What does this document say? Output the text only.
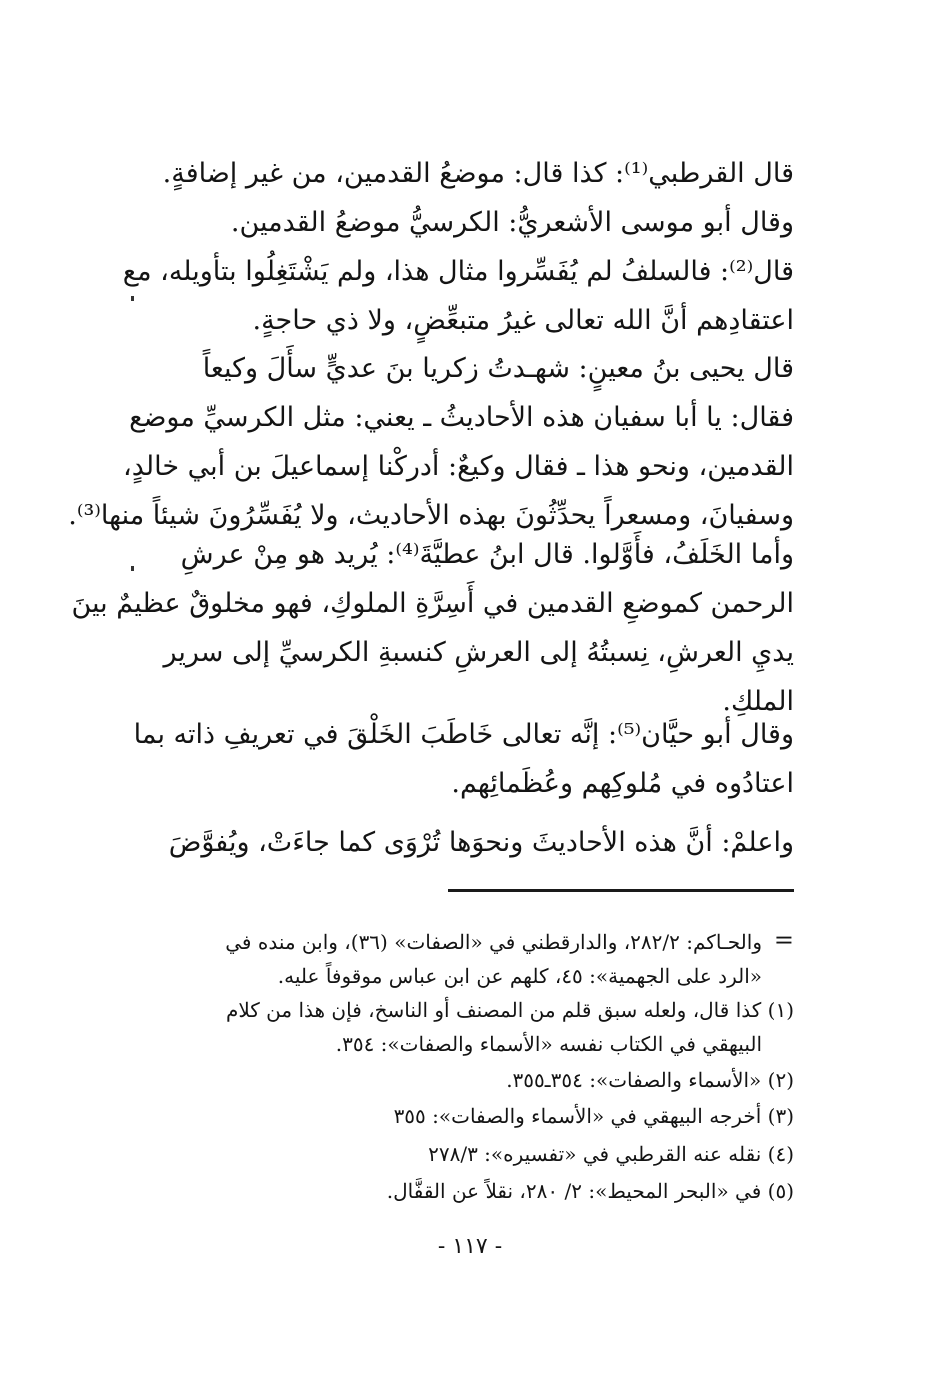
قال القرطبي⁽¹⁾: كذا قال: موضعُ القدمين، من غير إضافةٍ.
وقال أبو موسى الأشعريُّ: الكرسيُّ موضعُ القدمين.
قال⁽²⁾: فالسلفُ لم يُفَسِّروا مثال هذا، ولم يَشْتَغِلُوا بتأويله، مع
اعتقادِهم أنَّ الله تعالى غيرُ متبعِّضٍ، ولا ذي حاجةٍ.
قال يحيى بنُ معينٍ: شهـدتُ زكريا بنَ عديٍّ سأَلَ وكيعاً
فقال: يا أبا سفيان هذه الأحاديثُ ـ يعني: مثل الكرسيِّ موضع
القدمين، ونحو هذا ـ فقال وكيعٌ: أدركْنا إسماعيلَ بن أبي خالدٍ،
وسفيانَ، ومسعراً يحدِّثُونَ بهذه الأحاديث، ولا يُفَسِّرُونَ شيئاً منها⁽³⁾.
وأما الخَلَفُ، فأَوَّلوا. قال ابنُ عطيَّةَ⁽⁴⁾: يُريد هو مِنْ عرشِ
الرحمن كموضعِ القدمين في أَسِرَّةِ الملوكِ، فهو مخلوقٌ عظيمٌ بينَ
يديِ العرشِ، نِسبتُهُ إلى العرشِ كنسبةِ الكرسيِّ إلى سرير
الملكِ.
وقال أبو حيَّان⁽⁵⁾: إنَّه تعالى خَاطَبَ الخَلْقَ في تعريفِ ذاته بما
اعتادُوه في مُلوكِهم وعُظَمائِهم.
واعلمْ: أنَّ هذه الأحاديثَ ونحوَها تُرْوَى كما جاءَتْ، ويُفوَّضَ
=
والحـاكم: ٢٨٢/٢، والدارقطني في «الصفات» (٣٦)، وابن منده في
«الرد على الجهمية»: ٤٥، كلهم عن ابن عباس موقوفاً عليه.
(١) كذا قال، ولعله سبق قلم من المصنف أو الناسخ، فإن هذا من كلام
البيهقي في الكتاب نفسه «الأسماء والصفات»: ٣٥٤.
(٢) «الأسماء والصفات»: ٣٥٤ـ٣٥٥.
(٣) أخرجه البيهقي في «الأسماء والصفات»: ٣٥٥
(٤) نقله عنه القرطبي في «تفسيره»: ٢٧٨/٣
(٥) في «البحر المحيط»: ٢/ ٢٨٠، نقلاً عن القفَّال.
- ١١٧ -
